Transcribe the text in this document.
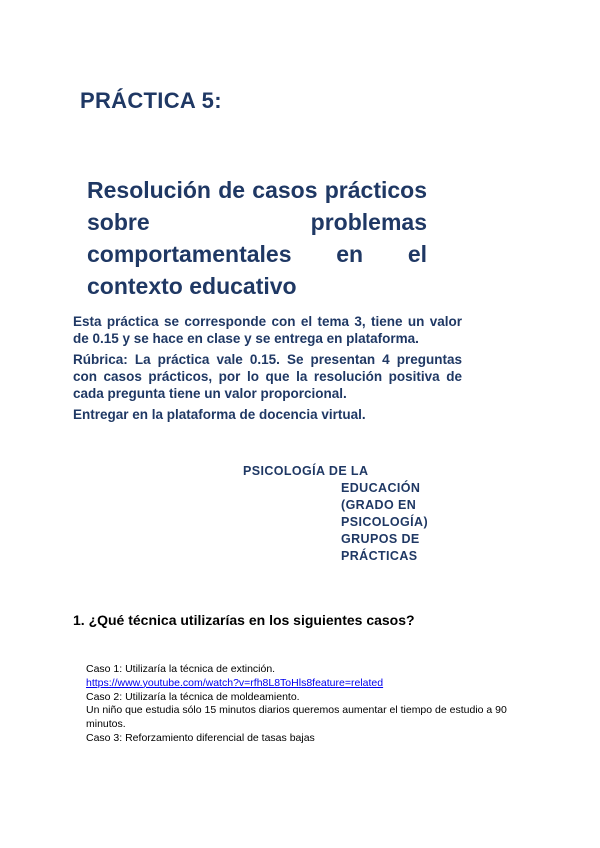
PRÁCTICA 5:
Resolución de casos prácticos sobre problemas comportamentales en el contexto educativo

Esta práctica se corresponde con el tema 3, tiene un valor de 0.15 y se hace en clase y se entrega en plataforma.

Rúbrica: La práctica vale 0.15. Se presentan 4 preguntas con casos prácticos, por lo que la resolución positiva de cada pregunta tiene un valor proporcional.

Entregar en la plataforma de docencia virtual.

PSICOLOGÍA DE LA
EDUCACIÓN (GRADO EN PSICOLOGÍA) GRUPOS DE PRÁCTICAS
1. ¿Qué técnica utilizarías en los siguientes casos?
Caso 1: Utilizaría la técnica de extinción.
https://www.youtube.com/watch?v=rfh8L8ToHls8feature=related
Caso 2: Utilizaría la técnica de moldeamiento.
Un niño que estudia sólo 15 minutos diarios queremos aumentar el tiempo de estudio a 90 minutos.
Caso 3: Reforzamiento diferencial de tasas bajas
